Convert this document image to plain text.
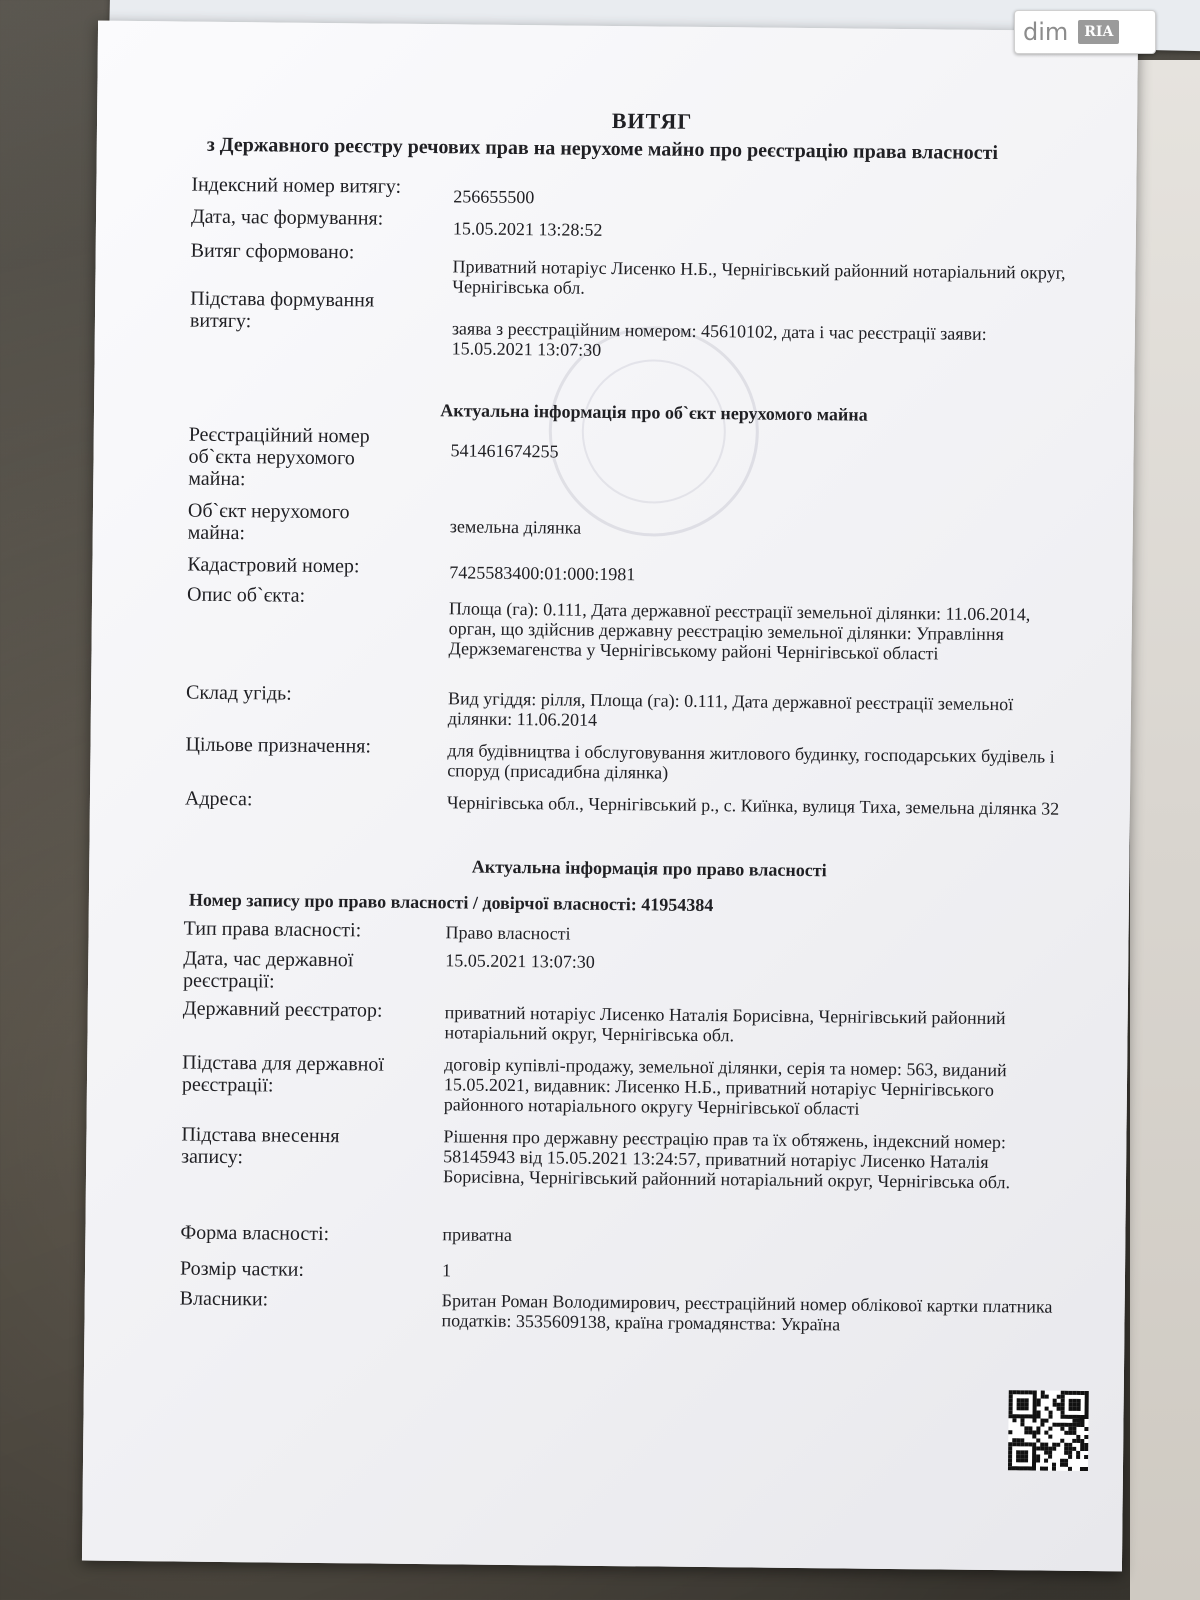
ВИТЯГ
з Державного реєстру речових прав на нерухоме майно про реєстрацію права власності
Індексний номер витягу:	256655500
Дата, час формування:	15.05.2021 13:28:52
Витяг сформовано:
Приватний нотаріус Лисенко Н.Б., Чернігівський районний нотаріальний округ, Чернігівська обл.
Підстава формування витягу:	заява з реєстраційним номером: 45610102, дата і час реєстрації заяви: 15.05.2021 13:07:30
Актуальна інформація про об`єкт нерухомого майна
Реєстраційний номер об`єкта нерухомого майна:
541461674255
Об`єкт нерухомого майна:	земельна ділянка
Кадастровий номер:	7425583400:01:000:1981
Опис об`єкта:
Площа (га): 0.111, Дата державної реєстрації земельної ділянки: 11.06.2014, орган, що здійснив державну реєстрацію земельної ділянки: Управління Держземагенства у Чернігівському районі Чернігівської області
Склад угідь:	Вид угіддя: рілля, Площа (га): 0.111, Дата державної реєстрації земельної ділянки: 11.06.2014
Цільове призначення:	для будівництва і обслуговування житлового будинку, господарських будівель і споруд (присадибна ділянка)
Адреса:	Чернігівська обл., Чернігівський р., с. Киїнка, вулиця Тиха, земельна ділянка 32
Актуальна інформація про право власності
Номер запису про право власності / довірчої власності: 41954384
Тип права власності:	Право власності
Дата, час державної реєстрації:
15.05.2021 13:07:30
Державний реєстратор:	приватний нотаріус Лисенко Наталія Борисівна, Чернігівський районний нотаріальний округ, Чернігівська обл.
Підстава для державної реєстрації:
договір купівлі-продажу, земельної ділянки, серія та номер: 563, виданий 15.05.2021, видавник: Лисенко Н.Б., приватний нотаріус Чернігівського районного нотаріального округу Чернігівської області
Підстава внесення запису:
Рішення про державну реєстрацію прав та їх обтяжень, індексний номер: 58145943 від 15.05.2021 13:24:57, приватний нотаріус Лисенко Наталія Борисівна, Чернігівський районний нотаріальний округ, Чернігівська обл.
Форма власності:	приватна
Розмір частки:	1
Власники:	Британ Роман Володимирович, реєстраційний номер облікової картки платника податків: 3535609138, країна громадянства: Україна
dim	RIA
